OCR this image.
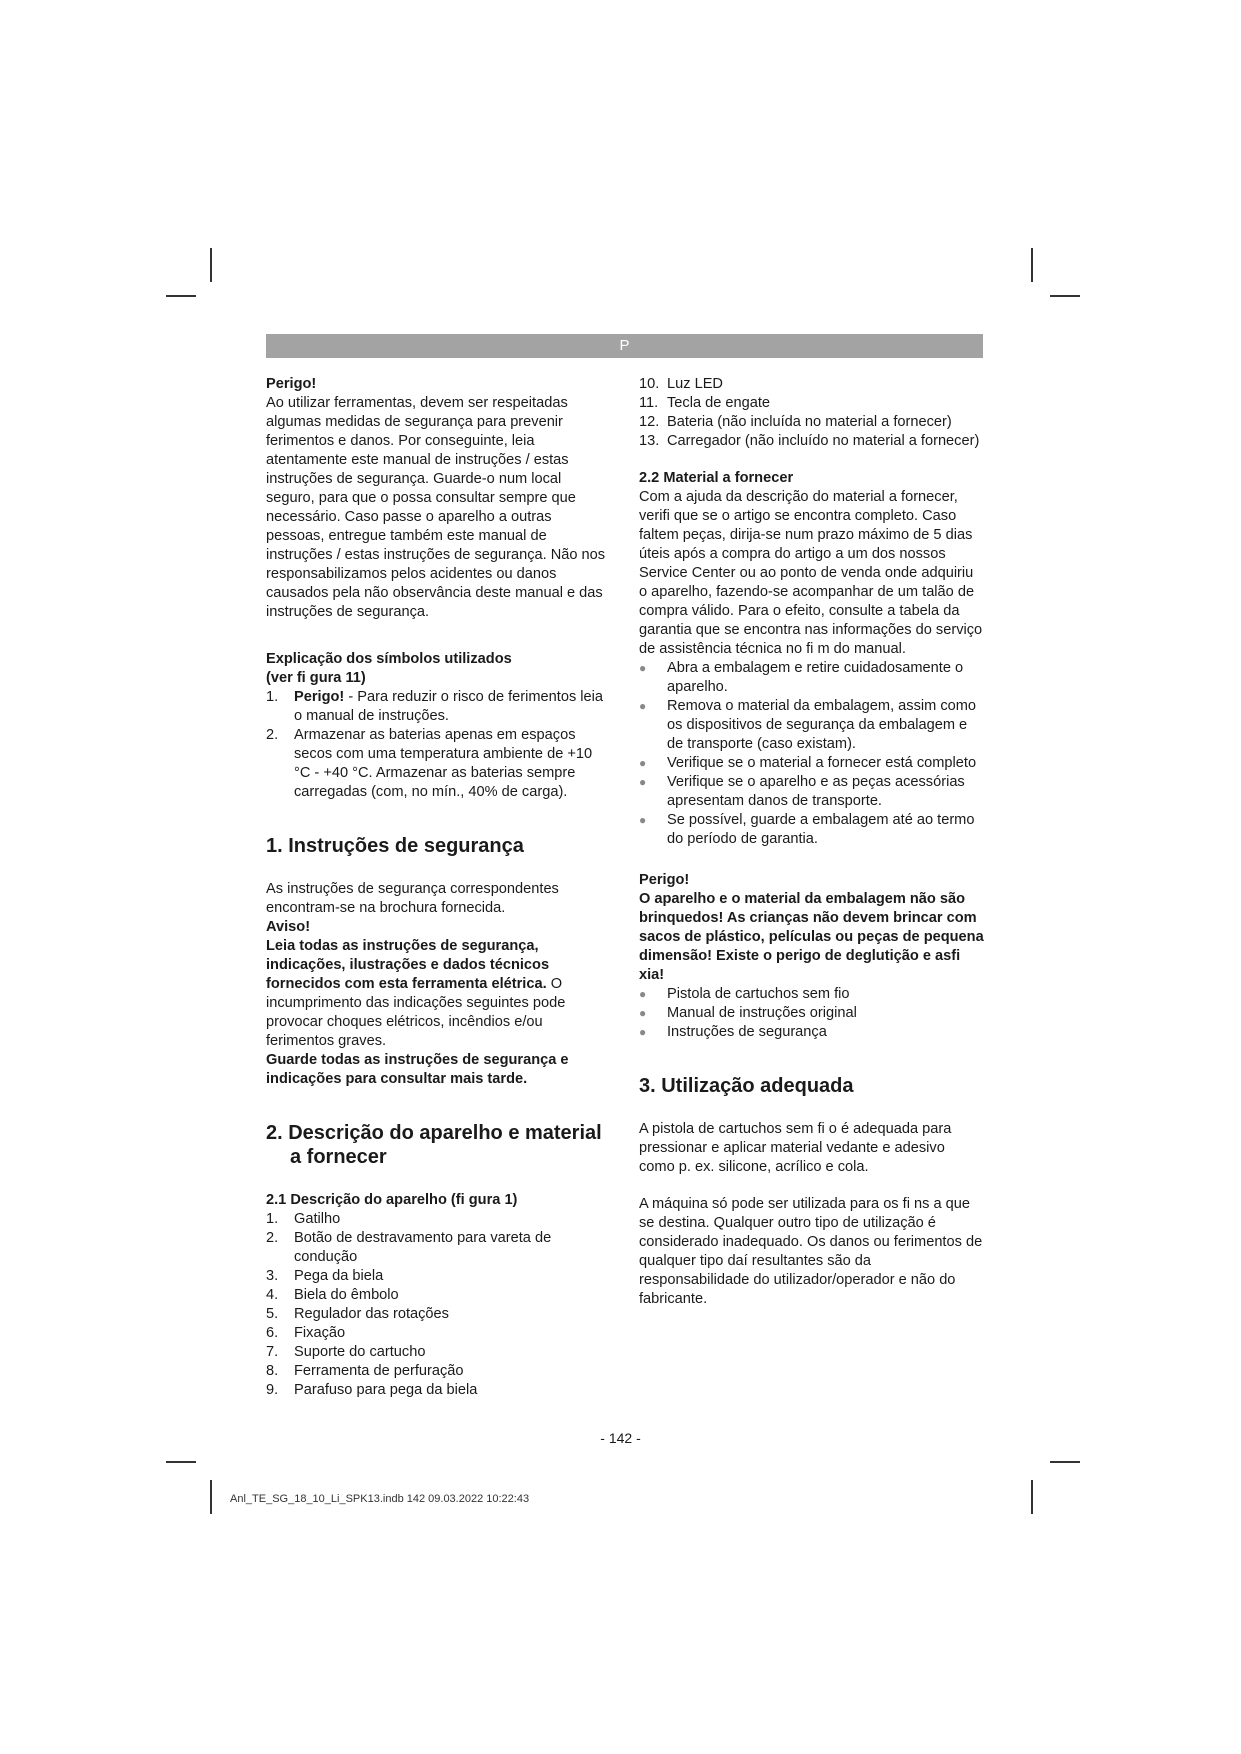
P

Perigo!

Ao utilizar ferramentas, devem ser respeitadas algumas medidas de segurança para prevenir ferimentos e danos. Por conseguinte, leia atentamente este manual de instruções / estas instruções de segurança. Guarde-o num local seguro, para que o possa consultar sempre que necessário. Caso passe o aparelho a outras pessoas, entregue também este manual de instruções / estas instruções de segurança. Não nos responsabilizamos pelos acidentes ou danos causados pela não observância deste manual e das instruções de segurança.

Explicação dos símbolos utilizados
(ver fi gura 11)
1. Perigo! - Para reduzir o risco de ferimentos leia o manual de instruções.
2. Armazenar as baterias apenas em espaços secos com uma temperatura ambiente de +10 °C - +40 °C. Armazenar as baterias sempre carregadas (com, no mín., 40% de carga).
1. Instruções de segurança

As instruções de segurança correspondentes encontram-se na brochura fornecida.

Aviso!

Leia todas as instruções de segurança, indicações, ilustrações e dados técnicos fornecidos com esta ferramenta elétrica. O incumprimento das indicações seguintes pode provocar choques elétricos, incêndios e/ou ferimentos graves.

Guarde todas as instruções de segurança e indicações para consultar mais tarde.

2. Descrição do aparelho e material a fornecer
2.1 Descrição do aparelho (fi gura 1)
1. Gatilho
2. Botão de destravamento para vareta de condução
3. Pega da biela
4. Biela do êmbolo
5. Regulador das rotações
6. Fixação
7. Suporte do cartucho
8. Ferramenta de perfuração
9. Parafuso para pega da biela
10. Luz LED
11. Tecla de engate
12. Bateria (não incluída no material a fornecer)
13. Carregador (não incluído no material a fornecer)
2.2 Material a fornecer

Com a ajuda da descrição do material a fornecer, verifi que se o artigo se encontra completo. Caso faltem peças, dirija-se num prazo máximo de 5 dias úteis após a compra do artigo a um dos nossos Service Center ou ao ponto de venda onde adquiriu o aparelho, fazendo-se acompanhar de um talão de compra válido. Para o efeito, consulte a tabela da garantia que se encontra nas informações do serviço de assistência técnica no fi m do manual.

● Abra a embalagem e retire cuidadosamente o aparelho.
● Remova o material da embalagem, assim como os dispositivos de segurança da embalagem e de transporte (caso existam).
● Verifique se o material a fornecer está completo
● Verifique se o aparelho e as peças acessórias apresentam danos de transporte.
● Se possível, guarde a embalagem até ao termo do período de garantia.

Perigo!

O aparelho e o material da embalagem não são brinquedos! As crianças não devem brincar com sacos de plástico, películas ou peças de pequena dimensão! Existe o perigo de deglutição e asfi xia!

● Pistola de cartuchos sem fio
● Manual de instruções original
● Instruções de segurança
3. Utilização adequada

A pistola de cartuchos sem fi o é adequada para pressionar e aplicar material vedante e adesivo como p. ex. silicone, acrílico e cola.

A máquina só pode ser utilizada para os fi ns a que se destina. Qualquer outro tipo de utilização é considerado inadequado. Os danos ou ferimentos de qualquer tipo daí resultantes são da responsabilidade do utilizador/operador e não do fabricante.

- 142 -
Anl_TE_SG_18_10_Li_SPK13.indb 142 09.03.2022 10:22:43
